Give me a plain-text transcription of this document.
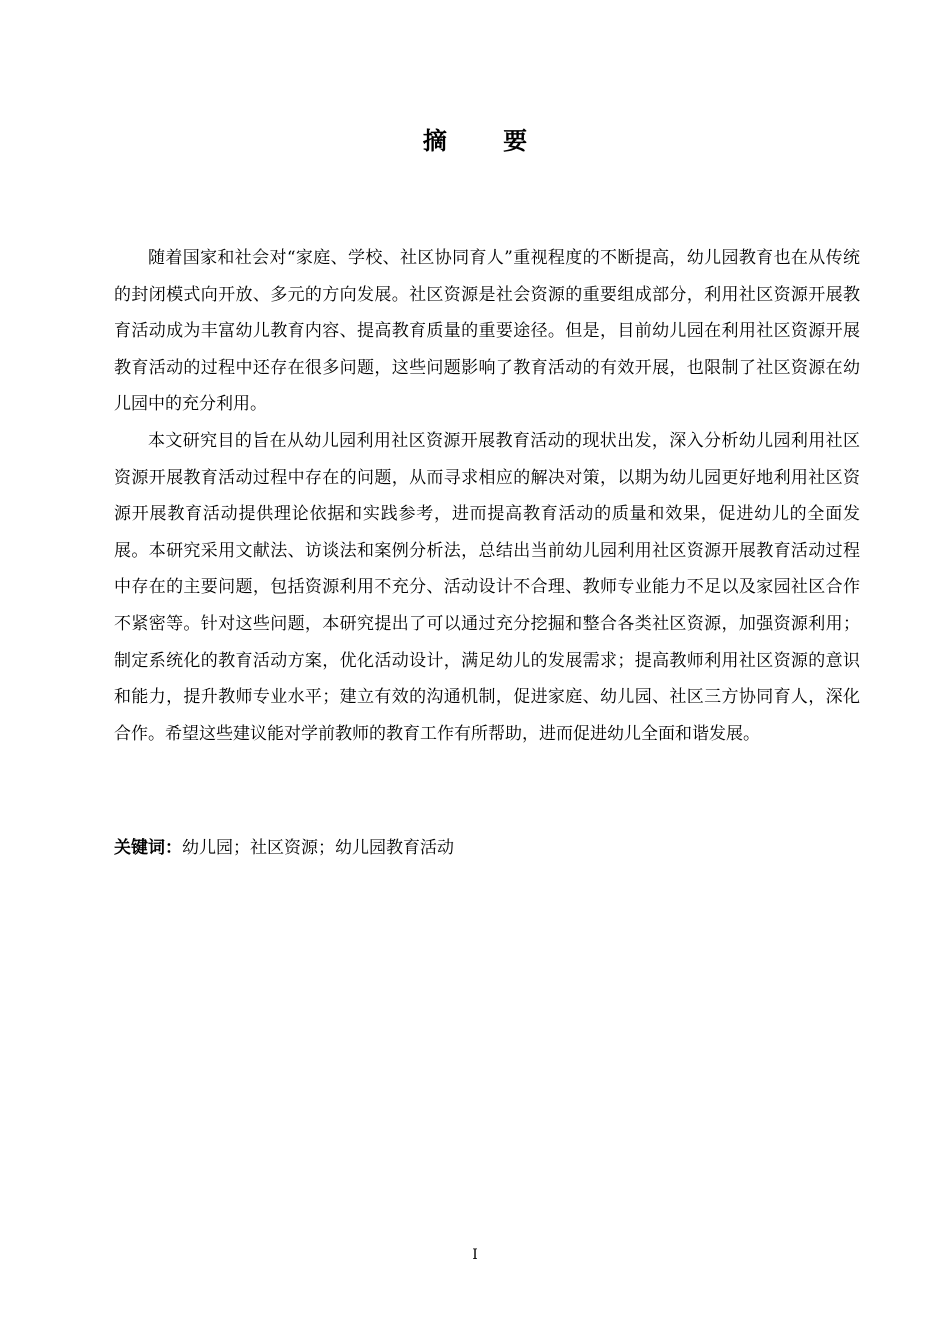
摘 要

随着国家和社会对“家庭、学校、社区协同育人”重视程度的不断提高，幼儿园教育也在从传统的封闭模式向开放、多元的方向发展。社区资源是社会资源的重要组成部分，利用社区资源开展教育活动成为丰富幼儿教育内容、提高教育质量的重要途径。但是，目前幼儿园在利用社区资源开展教育活动的过程中还存在很多问题，这些问题影响了教育活动的有效开展，也限制了社区资源在幼儿园中的充分利用。

本文研究目的旨在从幼儿园利用社区资源开展教育活动的现状出发，深入分析幼儿园利用社区资源开展教育活动过程中存在的问题，从而寻求相应的解决对策，以期为幼儿园更好地利用社区资源开展教育活动提供理论依据和实践参考，进而提高教育活动的质量和效果，促进幼儿的全面发展。本研究采用文献法、访谈法和案例分析法，总结出当前幼儿园利用社区资源开展教育活动过程中存在的主要问题，包括资源利用不充分、活动设计不合理、教师专业能力不足以及家园社区合作不紧密等。针对这些问题，本研究提出了可以通过充分挖掘和整合各类社区资源，加强资源利用；制定系统化的教育活动方案，优化活动设计，满足幼儿的发展需求；提高教师利用社区资源的意识和能力，提升教师专业水平；建立有效的沟通机制，促进家庭、幼儿园、社区三方协同育人，深化合作。希望这些建议能对学前教师的教育工作有所帮助，进而促进幼儿全面和谐发展。

关键词：幼儿园；社区资源；幼儿园教育活动
I
